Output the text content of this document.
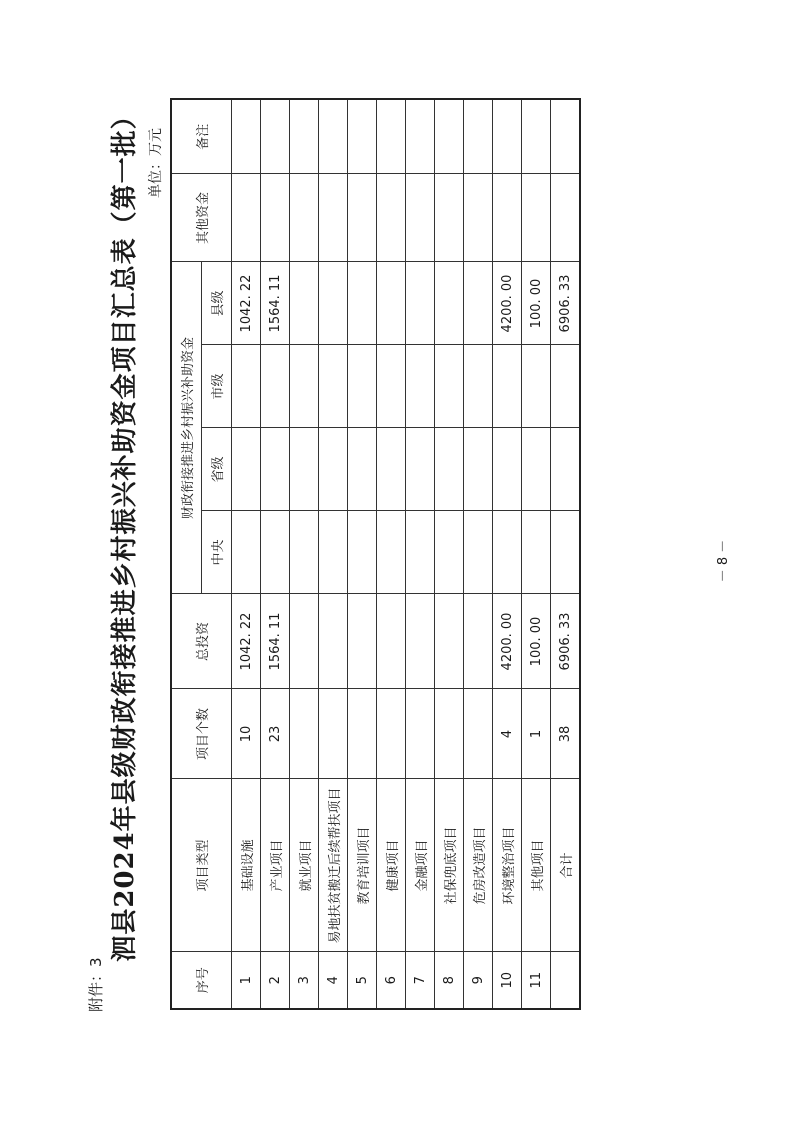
附件：3
泗县2024年县级财政衔接推进乡村振兴补助资金项目汇总表（第一批） 单位：万元
序号	项目类型	项目个数	总投资	财政衔接推进乡村振兴补助资金				其他资金	备注
				中央	省级	市级	县级		
1	基础设施	10	1042. 22				1042. 22		
2	产业项目	23	1564. 11				1564. 11		
3	就业项目								
4	易地扶贫搬迁后续帮扶项目								
5	教育培训项目								
6	健康项目								
7	金融项目								
8	社保兜底项目								
9	危房改造项目								
10	环境整治项目	4	4200. 00				4200. 00		
11	其他项目	1	100. 00				100. 00		
	合计	38	6906. 33				6906. 33		
－ 8 －
